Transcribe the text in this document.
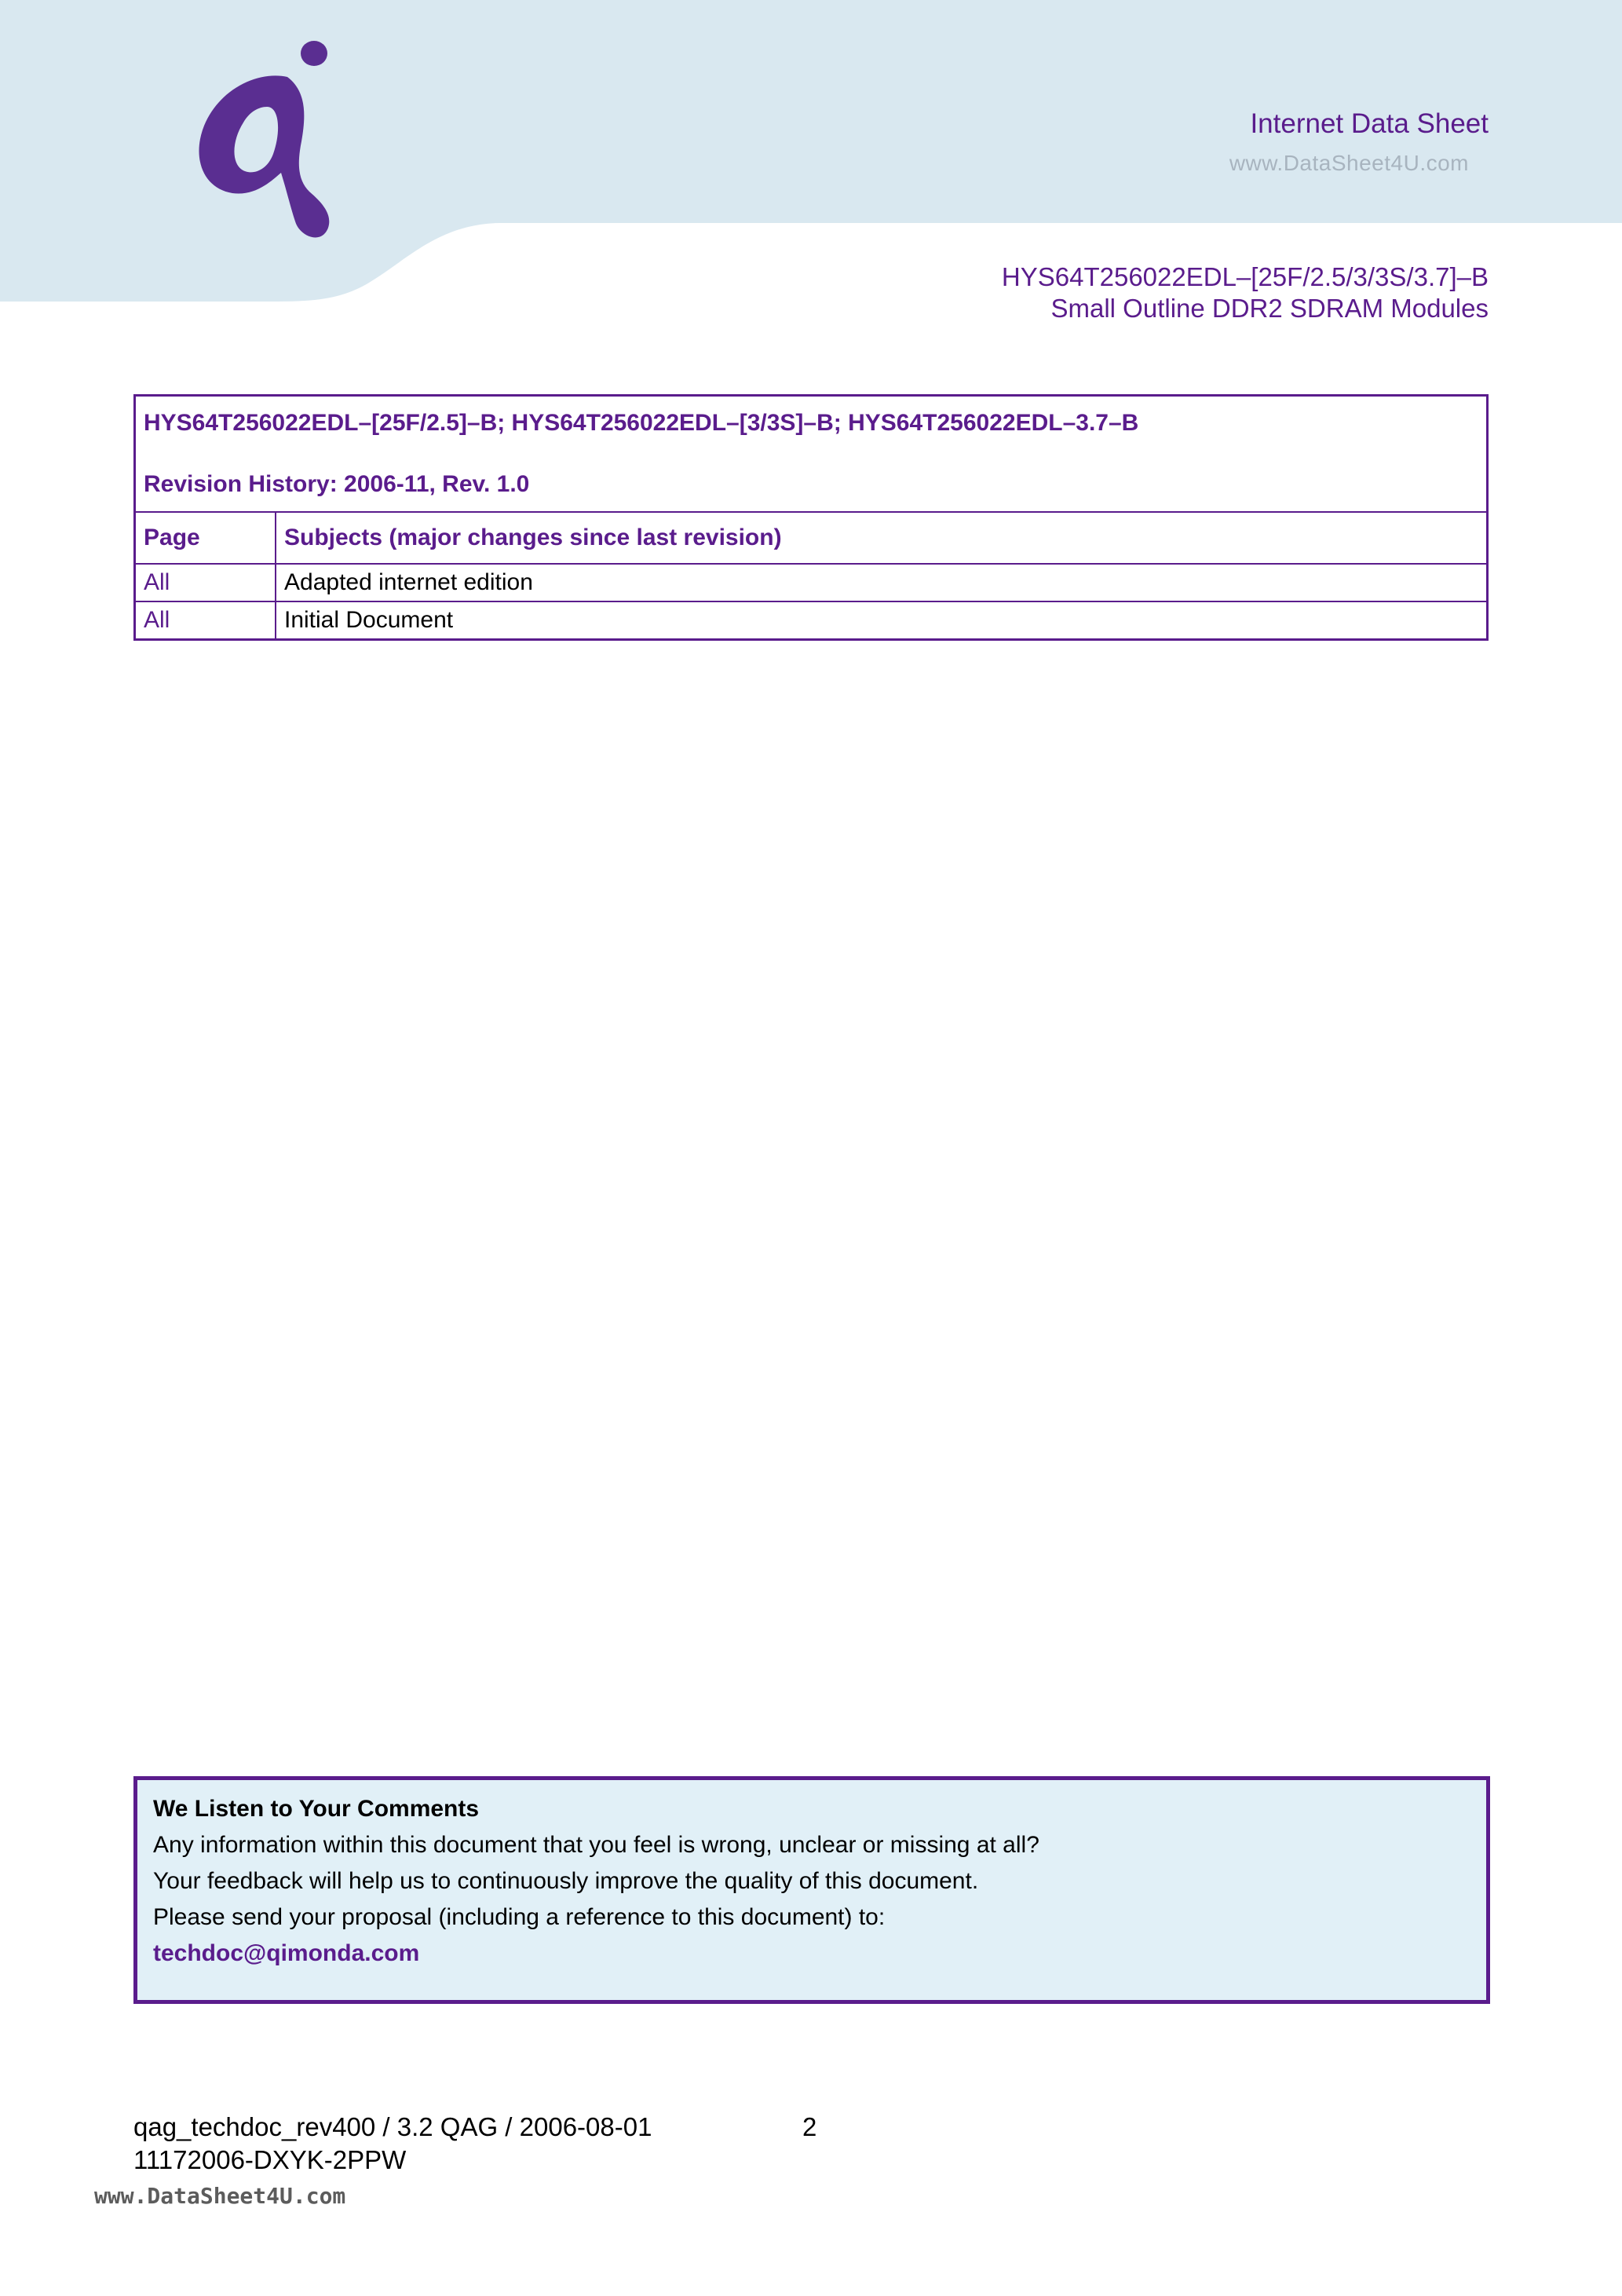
Internet Data Sheet

www.DataSheet4U.com

HYS64T256022EDL–[25F/2.5/3/3S/3.7]–B

Small Outline DDR2 SDRAM Modules

HYS64T256022EDL–[25F/2.5]–B; HYS64T256022EDL–[3/3S]–B; HYS64T256022EDL–3.7–B
Revision History: 2006-11, Rev. 1.0	

Page	Subjects (major changes since last revision)
All	Adapted internet edition
All	Initial Document

We Listen to Your Comments

Any information within this document that you feel is wrong, unclear or missing at all?

Your feedback will help us to continuously improve the quality of this document.

Please send your proposal (including a reference to this document) to:

techdoc@qimonda.com

qag_techdoc_rev400 / 3.2 QAG / 2006-08-01

11172006-DXYK-2PPW

2
www.DataSheet4U.com
